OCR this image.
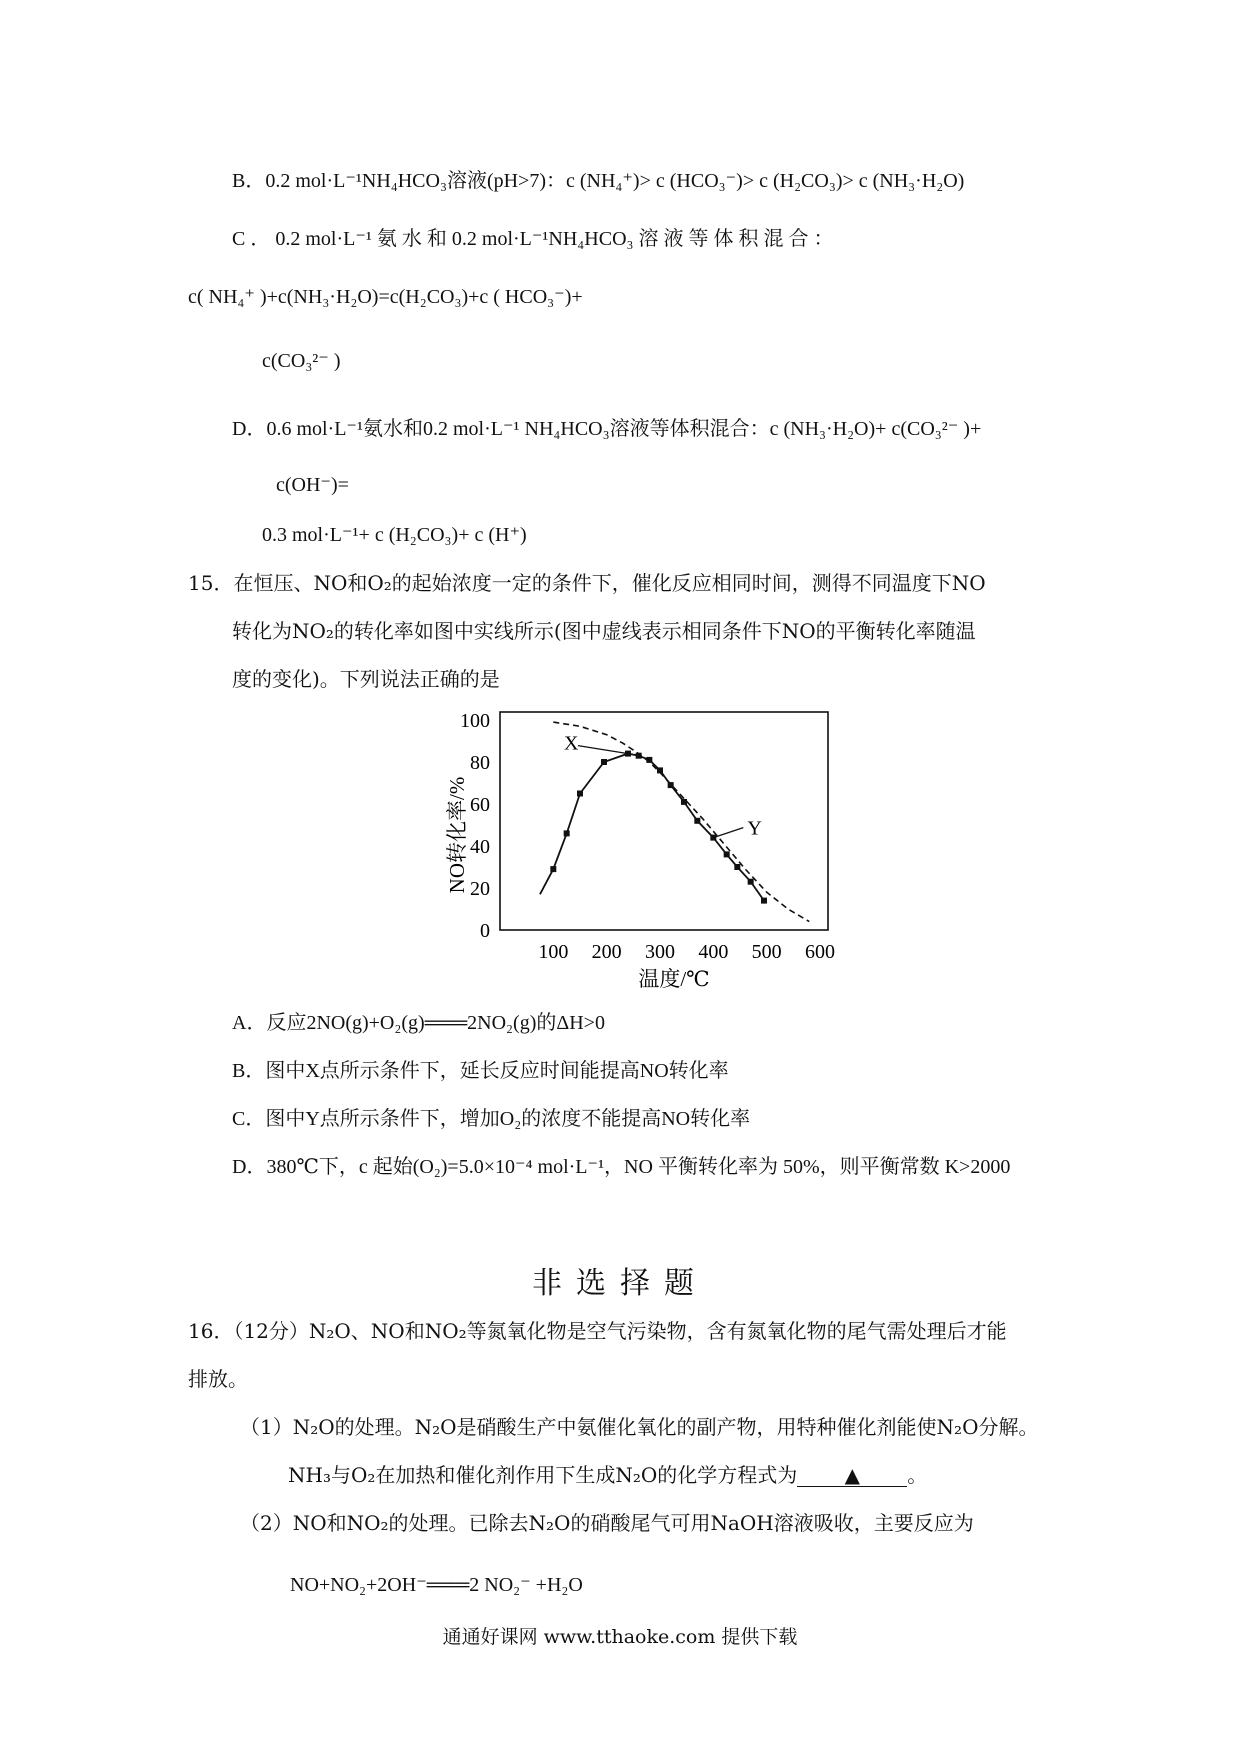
B．0.2 mol·L⁻¹NH₄HCO₃溶液(pH>7)：c (NH₄⁺)> c (HCO₃⁻)> c (H₂CO₃)> c (NH₃·H₂O)
C ． 0.2 mol·L⁻¹ 氨 水 和 0.2 mol·L⁻¹NH₄HCO₃ 溶 液 等 体 积 混 合 ：
c( NH₄⁺ )+c(NH₃·H₂O)=c(H₂CO₃)+c ( HCO₃⁻)+
c(CO₃²⁻ )
D．0.6 mol·L⁻¹氨水和0.2 mol·L⁻¹ NH₄HCO₃溶液等体积混合：c (NH₃·H₂O)+ c(CO₃²⁻ )+
c(OH⁻)=
0.3 mol·L⁻¹+ c (H₂CO₃)+ c (H⁺)
15．在恒压、NO和O₂的起始浓度一定的条件下，催化反应相同时间，测得不同温度下NO
转化为NO₂的转化率如图中实线所示(图中虚线表示相同条件下NO的平衡转化率随温
度的变化)。下列说法正确的是
0
20
40
60
80
100
100 200 300 400 500 600
X
Y
温度/℃
NO转化率/%
A．反应2NO(g)+O₂(g)═══2NO₂(g)的ΔH>0
B．图中X点所示条件下，延长反应时间能提高NO转化率
C．图中Y点所示条件下，增加O₂的浓度不能提高NO转化率
D．380℃下，c 起始(O₂)=5.0×10⁻⁴ mol·L⁻¹，NO 平衡转化率为 50%，则平衡常数 K>2000
非选择题
16．（12分）N₂O、NO和NO₂等氮氧化物是空气污染物，含有氮氧化物的尾气需处理后才能
排放。
（1）N₂O的处理。N₂O是硝酸生产中氨催化氧化的副产物，用特种催化剂能使N₂O分解。
NH₃与O₂在加热和催化剂作用下生成N₂O的化学方程式为 ▲ 。
（2）NO和NO₂的处理。已除去N₂O的硝酸尾气可用NaOH溶液吸收，主要反应为
NO+NO₂+2OH⁻═══2 NO₂⁻ +H₂O
通通好课网 www.tthaoke.com 提供下载
